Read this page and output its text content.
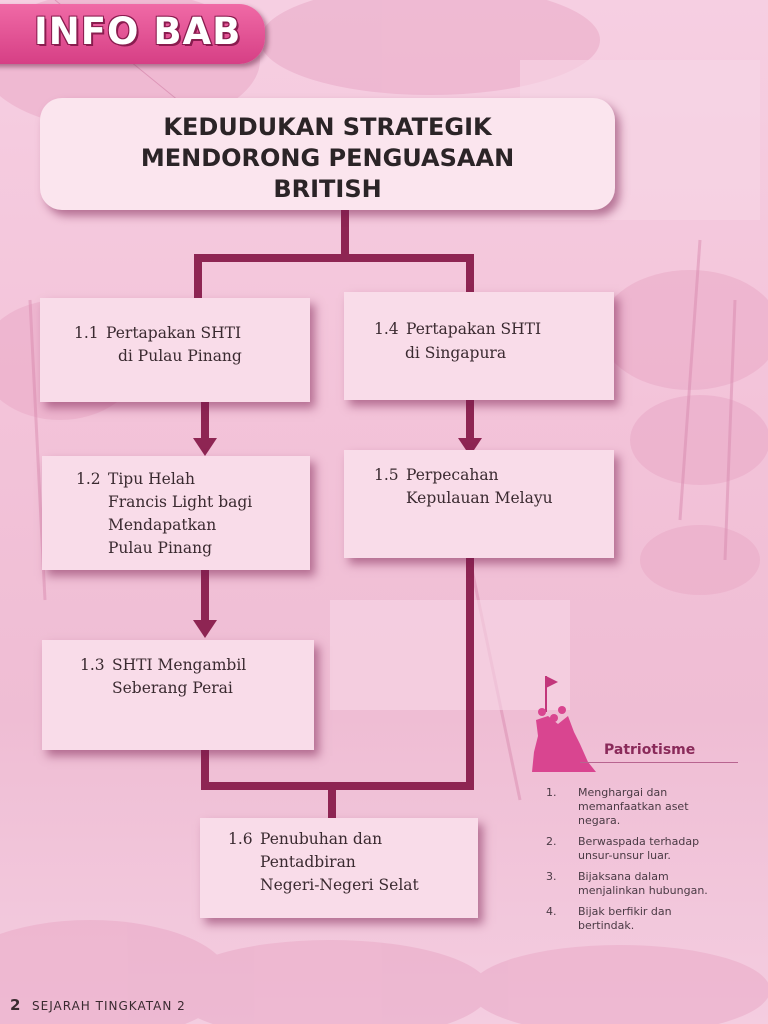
INFO BAB
KEDUDUKAN STRATEGIK
MENDORONG PENGUASAAN
BRITISH
1.1 Pertapakan SHTI
di Pulau Pinang
1.4 Pertapakan SHTI
di Singapura
1.2 Tipu Helah
Francis Light bagi
Mendapatkan
Pulau Pinang
1.5 Perpecahan
Kepulauan Melayu
1.3 SHTI Mengambil
Seberang Perai
1.6 Penubuhan dan
Pentadbiran
Negeri-Negeri Selat
Patriotisme
1. Menghargai dan
memanfaatkan aset
negara.
2. Berwaspada terhadap
unsur-unsur luar.
3. Bijaksana dalam
menjalinkan hubungan.
4. Bijak berfikir dan
bertindak.
2 SEJARAH TINGKATAN 2
